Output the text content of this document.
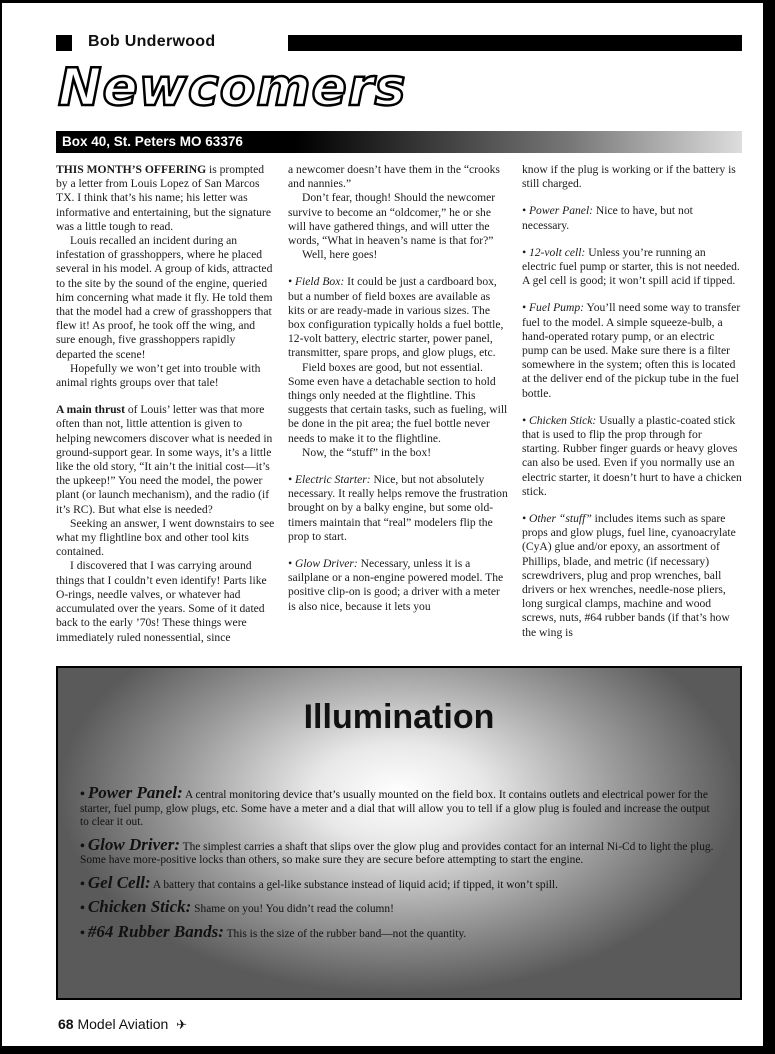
Bob Underwood
Newcomers
Box 40, St. Peters MO 63376

THIS MONTH’S OFFERING is prompted by a letter from Louis Lopez of San Marcos TX. I think that’s his name; his letter was informative and entertaining, but the signature was a little tough to read.

Louis recalled an incident during an infestation of grasshoppers, where he placed several in his model. A group of kids, attracted to the site by the sound of the engine, queried him concerning what made it fly. He told them that the model had a crew of grasshoppers that flew it! As proof, he took off the wing, and sure enough, five grasshoppers rapidly departed the scene!

Hopefully we won’t get into trouble with animal rights groups over that tale!

A main thrust of Louis’ letter was that more often than not, little attention is given to helping newcomers discover what is needed in ground-support gear. In some ways, it’s a little like the old story, “It ain’t the initial cost—it’s the upkeep!” You need the model, the power plant (or launch mechanism), and the radio (if it’s RC). But what else is needed?

Seeking an answer, I went downstairs to see what my flightline box and other tool kits contained.

I discovered that I was carrying around things that I couldn’t even identify! Parts like O-rings, needle valves, or whatever had accumulated over the years. Some of it dated back to the early ’70s! These things were immediately ruled nonessential, since

a newcomer doesn’t have them in the “crooks and nannies.”

Don’t fear, though! Should the newcomer survive to become an “oldcomer,” he or she will have gathered things, and will utter the words, “What in heaven’s name is that for?”

Well, here goes!

• Field Box: It could be just a cardboard box, but a number of field boxes are available as kits or are ready-made in various sizes. The box configuration typically holds a fuel bottle, 12-volt battery, electric starter, power panel, transmitter, spare props, and glow plugs, etc.

Field boxes are good, but not essential. Some even have a detachable section to hold things only needed at the flightline. This suggests that certain tasks, such as fueling, will be done in the pit area; the fuel bottle never needs to make it to the flightline.

Now, the “stuff” in the box!

• Electric Starter: Nice, but not absolutely necessary. It really helps remove the frustration brought on by a balky engine, but some old-timers maintain that “real” modelers flip the prop to start.

• Glow Driver: Necessary, unless it is a sailplane or a non-engine powered model. The positive clip-on is good; a driver with a meter is also nice, because it lets you

know if the plug is working or if the battery is still charged.

• Power Panel: Nice to have, but not necessary.

• 12-volt cell: Unless you’re running an electric fuel pump or starter, this is not needed. A gel cell is good; it won’t spill acid if tipped.

• Fuel Pump: You’ll need some way to transfer fuel to the model. A simple squeeze-bulb, a hand-operated rotary pump, or an electric pump can be used. Make sure there is a filter somewhere in the system; often this is located at the deliver end of the pickup tube in the fuel bottle.

• Chicken Stick: Usually a plastic-coated stick that is used to flip the prop through for starting. Rubber finger guards or heavy gloves can also be used. Even if you normally use an electric starter, it doesn’t hurt to have a chicken stick.

• Other “stuff” includes items such as spare props and glow plugs, fuel line, cyanoacrylate (CyA) glue and/or epoxy, an assortment of Phillips, blade, and metric (if necessary) screwdrivers, plug and prop wrenches, ball drivers or hex wrenches, needle-nose pliers, long surgical clamps, machine and wood screws, nuts, #64 rubber bands (if that’s how the wing is

Illumination
• Power Panel: A central monitoring device that’s usually mounted on the field box. It contains outlets and electrical power for the starter, fuel pump, glow plugs, etc. Some have a meter and a dial that will allow you to tell if a glow plug is fouled and increase the output to clear it out.
• Glow Driver: The simplest carries a shaft that slips over the glow plug and provides contact for an internal Ni-Cd to light the plug. Some have more-positive locks than others, so make sure they are secure before attempting to start the engine.
• Gel Cell: A battery that contains a gel-like substance instead of liquid acid; if tipped, it won’t spill.
• Chicken Stick: Shame on you! You didn’t read the column!
• #64 Rubber Bands: This is the size of the rubber band—not the quantity.
68 Model Aviation ✈
